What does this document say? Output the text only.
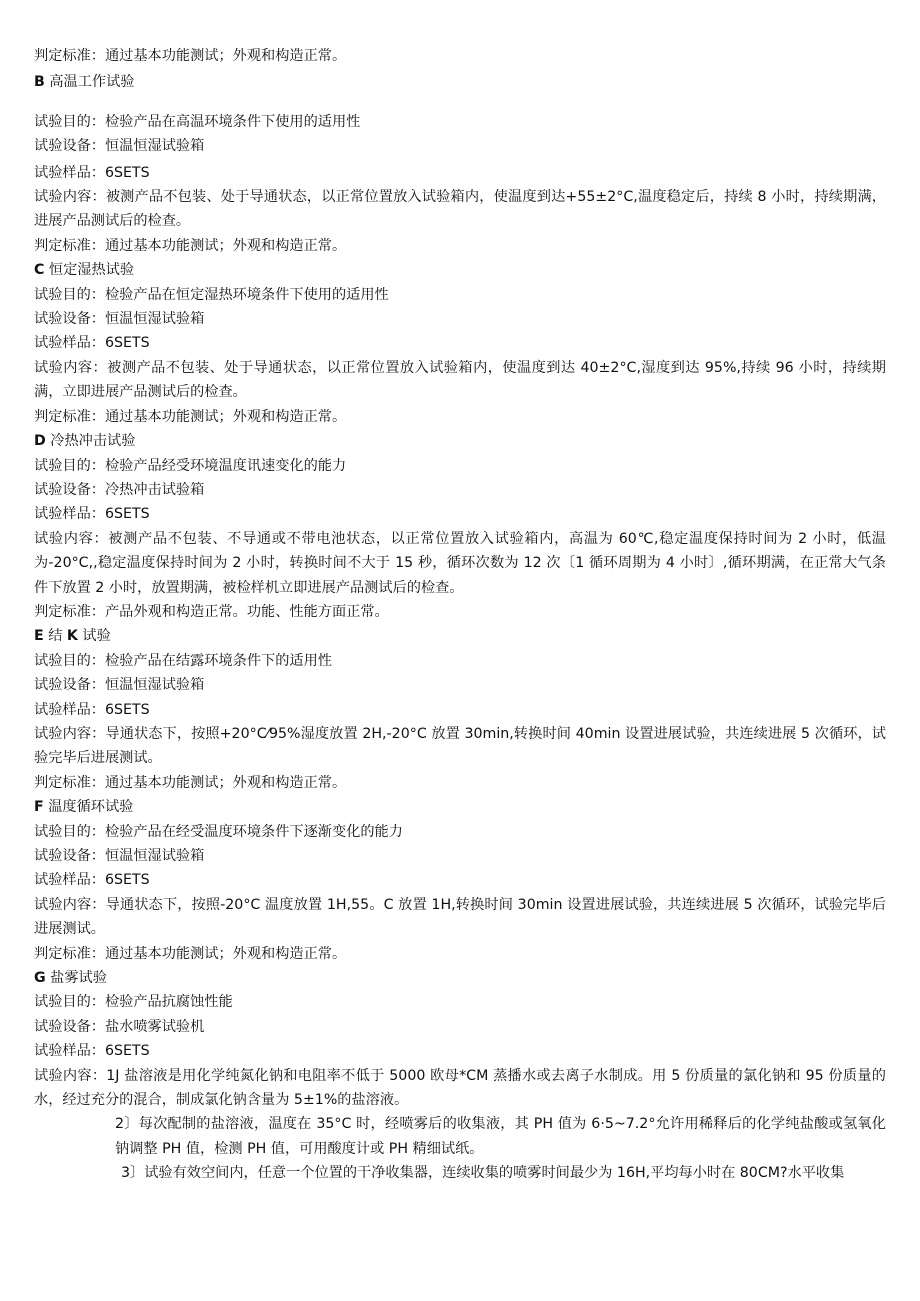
判定标准：通过基本功能测试；外观和构造正常。

B 高温工作试验

试验目的：检验产品在高温环境条件下使用的适用性

试验设备：恒温恒湿试验箱

试验样品：6SETS

试验内容：被测产品不包装、处于导通状态，以正常位置放入试验箱内，使温度到达+55±2°C,温度稳定后，持续 8 小时，持续期满，进展产品测试后的检查。

判定标准：通过基本功能测试；外观和构造正常。

C 恒定湿热试验

试验目的：检验产品在恒定湿热环境条件下使用的适用性

试验设备：恒温恒湿试验箱

试验样品：6SETS

试验内容：被测产品不包装、处于导通状态，以正常位置放入试验箱内，使温度到达 40±2°C,湿度到达 95%,持续 96 小时，持续期满，立即进展产品测试后的检查。

判定标准：通过基本功能测试；外观和构造正常。

D 冷热冲击试验

试验目的：检验产品经受环境温度讯速变化的能力

试验设备：冷热冲击试验箱

试验样品：6SETS

试验内容：被测产品不包装、不导通或不带电池状态，以正常位置放入试验箱内，高温为 60℃,稳定温度保持时间为 2 小时，低温为-20°C,,稳定温度保持时间为 2 小时，转换时间不大于 15 秒，循环次数为 12 次〔1 循环周期为 4 小时〕,循环期满，在正常大气条件下放置 2 小时，放置期满，被检样机立即进展产品测试后的检查。

判定标准：产品外观和构造正常。功能、性能方面正常。

E 结 K 试验

试验目的：检验产品在结露环境条件下的适用性

试验设备：恒温恒湿试验箱

试验样品：6SETS

试验内容：导通状态下，按照+20°C⁄95%湿度放置 2H,-20°C 放置 30min,转换时间 40min 设置进展试验，共连续进展 5 次循环，试验完毕后进展测试。

判定标准：通过基本功能测试；外观和构造正常。

F 温度循环试验

试验目的：检验产品在经受温度环境条件下逐渐变化的能力

试验设备：恒温恒湿试验箱

试验样品：6SETS

试验内容：导通状态下，按照-20°C 温度放置 1H,55。C 放置 1H,转换时间 30min 设置进展试验，共连续进展 5 次循环，试验完毕后进展测试。

判定标准：通过基本功能测试；外观和构造正常。

G 盐雾试验

试验目的：检验产品抗腐蚀性能

试验设备：盐水喷雾试验机

试验样品：6SETS

试验内容：1J 盐溶液是用化学纯氮化钠和电阻率不低于 5000 欧母*CM 蒸播水或去离子水制成。用 5 份质量的氯化钠和 95 份质量的水，经过充分的混合，制成氯化钠含量为 5±1%的盐溶液。

2〕每次配制的盐溶液，温度在 35°C 时，经喷雾后的收集液，其 PH 值为 6·5~7.2°允许用稀释后的化学纯盐酸或氢氧化钠调整 PH 值，检测 PH 值，可用酸度计或 PH 精细试纸。

3〕试验有效空间内，任意一个位置的干净收集器，连续收集的喷雾时间最少为 16H,平均每小时在 80CM?水平收集
